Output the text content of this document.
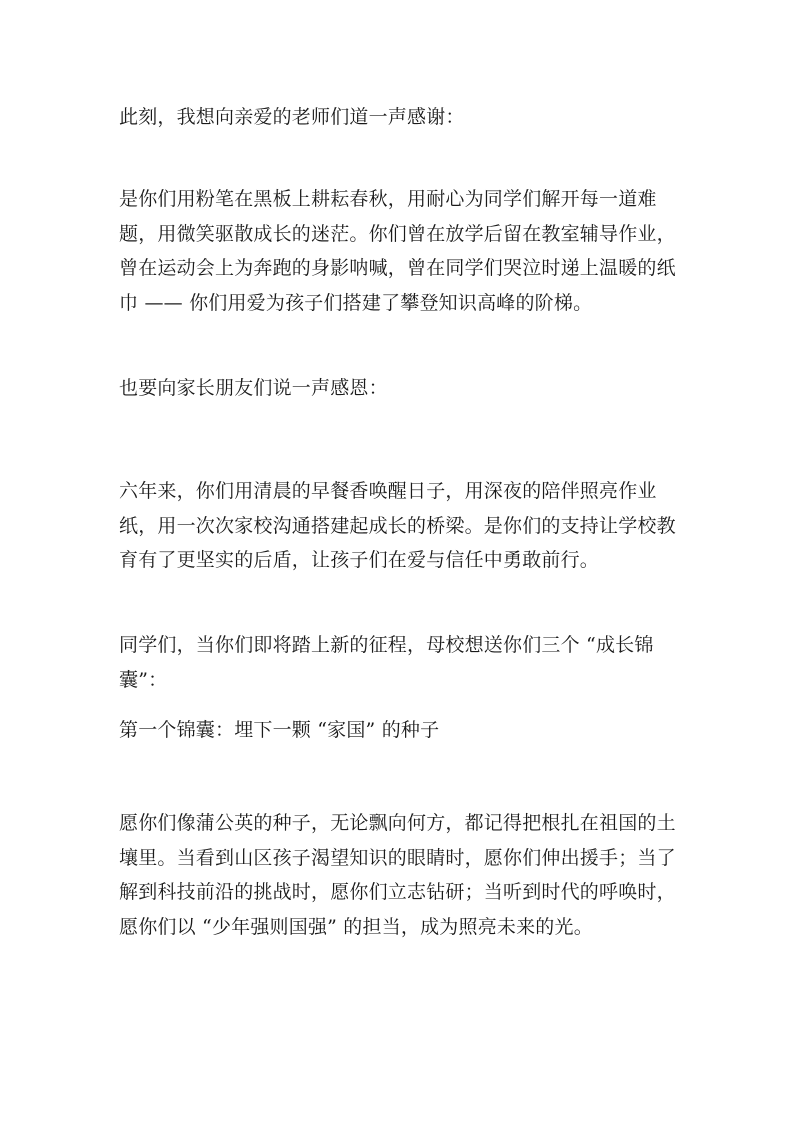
此刻，我想向亲爱的老师们道一声感谢：

是你们用粉笔在黑板上耕耘春秋，用耐心为同学们解开每一道难题，用微笑驱散成长的迷茫。你们曾在放学后留在教室辅导作业，曾在运动会上为奔跑的身影呐喊，曾在同学们哭泣时递上温暖的纸巾 —— 你们用爱为孩子们搭建了攀登知识高峰的阶梯。

也要向家长朋友们说一声感恩：

六年来，你们用清晨的早餐香唤醒日子，用深夜的陪伴照亮作业纸，用一次次家校沟通搭建起成长的桥梁。是你们的支持让学校教育有了更坚实的后盾，让孩子们在爱与信任中勇敢前行。

同学们，当你们即将踏上新的征程，母校想送你们三个 “成长锦囊”：

第一个锦囊：埋下一颗 “家国” 的种子

愿你们像蒲公英的种子，无论飘向何方，都记得把根扎在祖国的土壤里。当看到山区孩子渴望知识的眼睛时，愿你们伸出援手；当了解到科技前沿的挑战时，愿你们立志钻研；当听到时代的呼唤时，愿你们以 “少年强则国强” 的担当，成为照亮未来的光。
